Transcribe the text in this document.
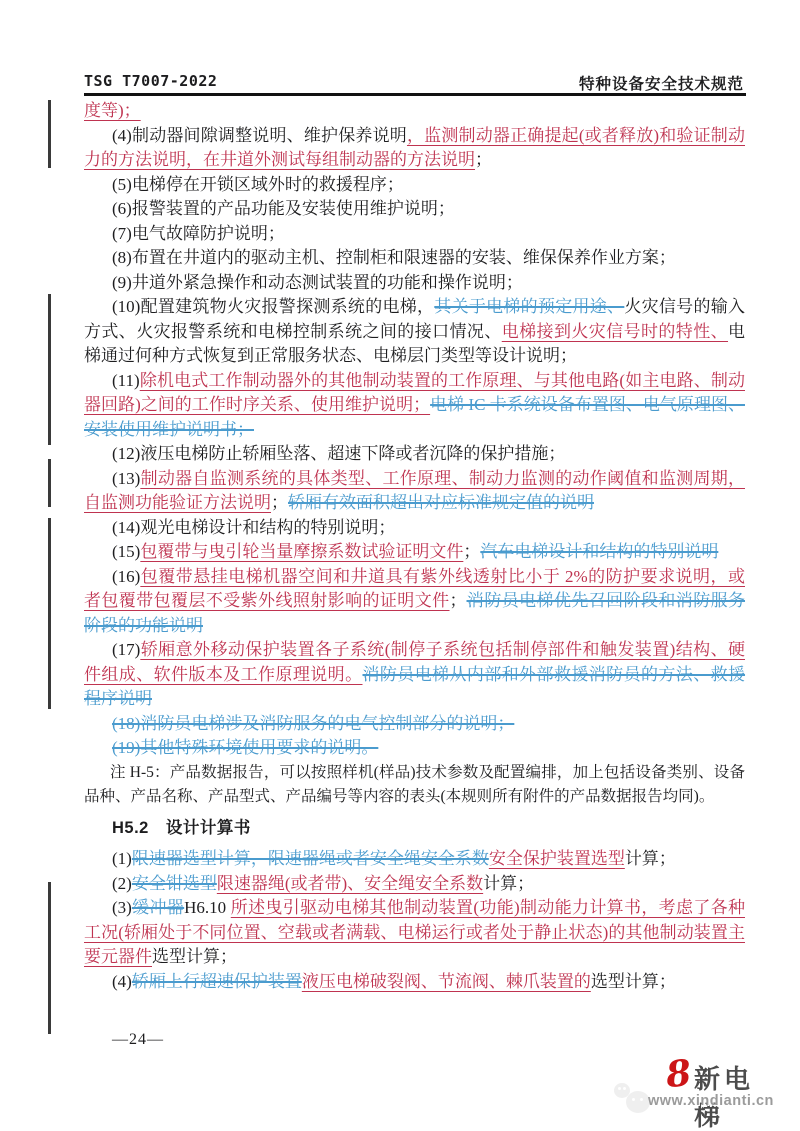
TSG T7007-2022	特种设备安全技术规范

度等)；

(4)制动器间隙调整说明、维护保养说明，监测制动器正确提起(或者释放)和验证制动力的方法说明，在井道外测试每组制动器的方法说明；

(5)电梯停在开锁区域外时的救援程序；

(6)报警装置的产品功能及安装使用维护说明；

(7)电气故障防护说明；

(8)布置在井道内的驱动主机、控制柜和限速器的安装、维保保养作业方案；

(9)井道外紧急操作和动态测试装置的功能和操作说明；

(10)配置建筑物火灾报警探测系统的电梯，其关于电梯的预定用途、火灾信号的输入方式、火灾报警系统和电梯控制系统之间的接口情况、电梯接到火灾信号时的特性、电梯通过何种方式恢复到正常服务状态、电梯层门类型等设计说明；

(11)除机电式工作制动器外的其他制动装置的工作原理、与其他电路(如主电路、制动器回路)之间的工作时序关系、使用维护说明；电梯 IC 卡系统设备布置图、电气原理图、安装使用维护说明书；

(12)液压电梯防止轿厢坠落、超速下降或者沉降的保护措施；

(13)制动器自监测系统的具体类型、工作原理、制动力监测的动作阈值和监测周期，自监测功能验证方法说明；轿厢有效面积超出对应标准规定值的说明

(14)观光电梯设计和结构的特别说明；

(15)包覆带与曳引轮当量摩擦系数试验证明文件；汽车电梯设计和结构的特别说明

(16)包覆带悬挂电梯机器空间和井道具有紫外线透射比小于 2%的防护要求说明，或者包覆带包覆层不受紫外线照射影响的证明文件；消防员电梯优先召回阶段和消防服务阶段的功能说明

(17)轿厢意外移动保护装置各子系统(制停子系统包括制停部件和触发装置)结构、硬件组成、软件版本及工作原理说明。消防员电梯从内部和外部救援消防员的方法、救援程序说明

(18)消防员电梯涉及消防服务的电气控制部分的说明；

(19)其他特殊环境使用要求的说明。

注 H-5：产品数据报告，可以按照样机(样品)技术参数及配置编排，加上包括设备类别、设备品种、产品名称、产品型式、产品编号等内容的表头(本规则所有附件的产品数据报告均同)。

H5.2　设计计算书

(1)限速器选型计算，限速器绳或者安全绳安全系数安全保护装置选型计算；

(2)安全钳选型限速器绳(或者带)、安全绳安全系数计算；

(3)缓冲器H6.10 所述曳引驱动电梯其他制动装置(功能)制动能力计算书，考虑了各种工况(轿厢处于不同位置、空载或者满载、电梯运行或者处于静止状态)的其他制动装置主要元器件选型计算；

(4)轿厢上行超速保护装置液压电梯破裂阀、节流阀、棘爪装置的选型计算；

—24—
8 新电梯
www.xindianti.cn
